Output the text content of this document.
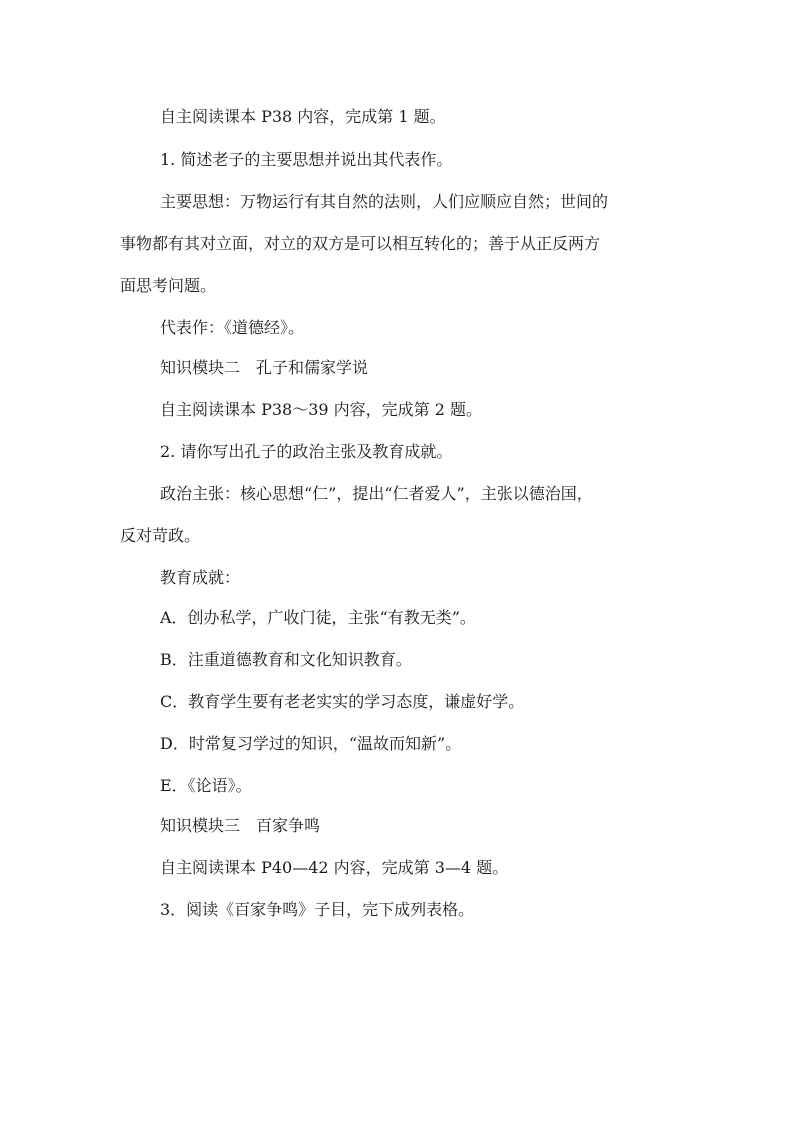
自主阅读课本 P38 内容，完成第 1 题。
1. 简述老子的主要思想并说出其代表作。
主要思想：万物运行有其自然的法则，人们应顺应自然；世间的
事物都有其对立面，对立的双方是可以相互转化的；善于从正反两方
面思考问题。
代表作：《道德经》。
知识模块二　孔子和儒家学说
自主阅读课本 P38～39 内容，完成第 2 题。
2. 请你写出孔子的政治主张及教育成就。
政治主张：核心思想“仁”，提出“仁者爱人”，主张以德治国，
反对苛政。
教育成就：
A．创办私学，广收门徒，主张“有教无类”。
B．注重道德教育和文化知识教育。
C．教育学生要有老老实实的学习态度，谦虚好学。
D．时常复习学过的知识，“温故而知新”。
E．《论语》。
知识模块三　百家争鸣
自主阅读课本 P40—42 内容，完成第 3—4 题。
3．阅读《百家争鸣》子目，完下成列表格。
